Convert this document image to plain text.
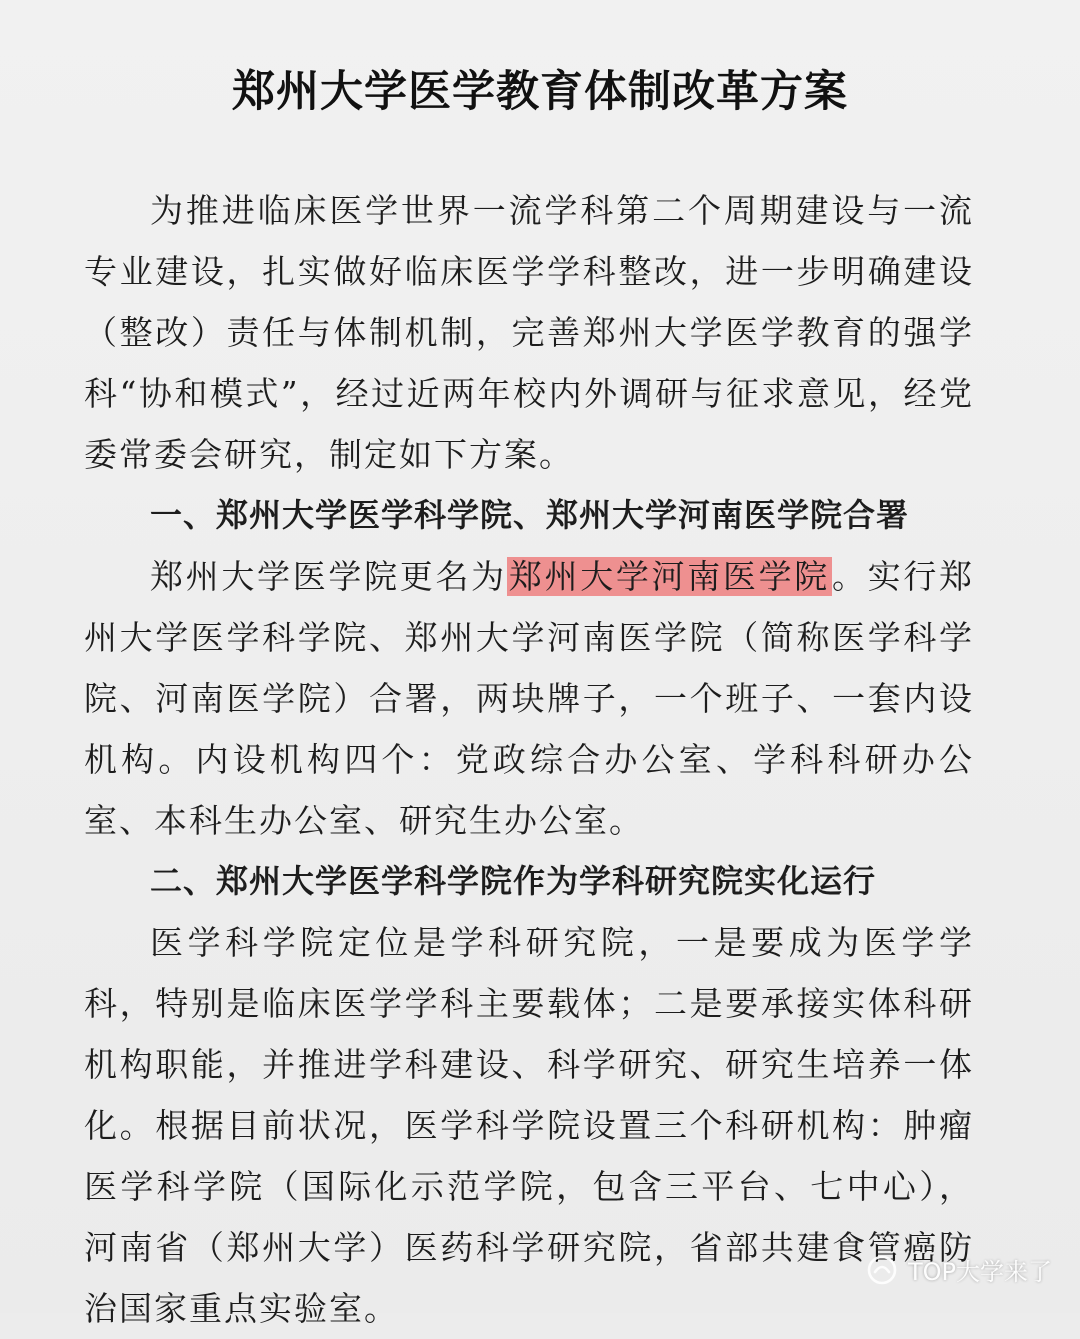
郑州大学医学教育体制改革方案

为推进临床医学世界一流学科第二个周期建设与一流专业建设，扎实做好临床医学学科整改，进一步明确建设（整改）责任与体制机制，完善郑州大学医学教育的强学科“协和模式”，经过近两年校内外调研与征求意见，经党委常委会研究，制定如下方案。

一、郑州大学医学科学院、郑州大学河南医学院合署

郑州大学医学院更名为郑州大学河南医学院。实行郑州大学医学科学院、郑州大学河南医学院（简称医学科学院、河南医学院）合署，两块牌子，一个班子、一套内设机构。内设机构四个：党政综合办公室、学科科研办公室、本科生办公室、研究生办公室。

二、郑州大学医学科学院作为学科研究院实化运行

医学科学院定位是学科研究院，一是要成为医学学科，特别是临床医学学科主要载体；二是要承接实体科研机构职能，并推进学科建设、科学研究、研究生培养一体化。根据目前状况，医学科学院设置三个科研机构：肿瘤医学科学院（国际化示范学院，包含三平台、七中心），河南省（郑州大学）医药科学研究院，省部共建食管癌防治国家重点实验室。

TOP大学来了
